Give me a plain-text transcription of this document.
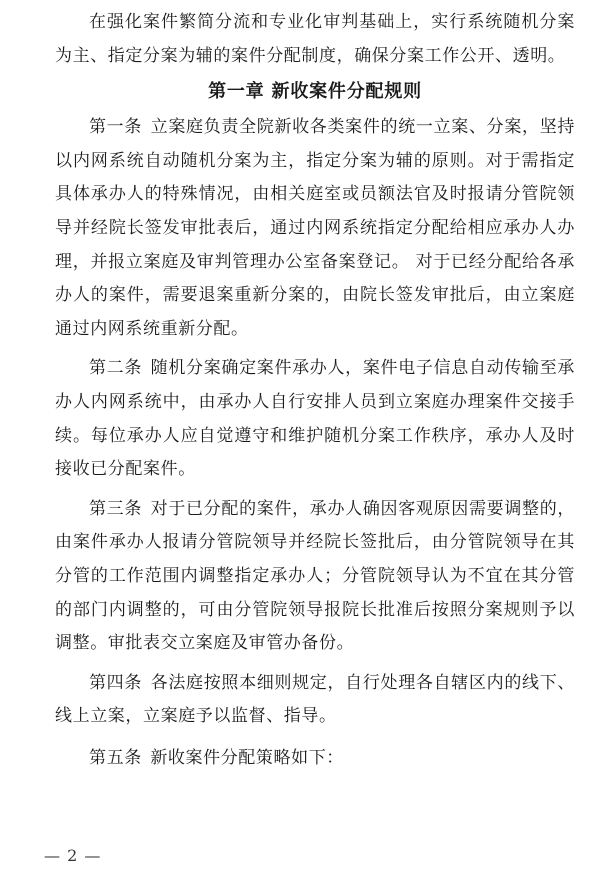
在强化案件繁简分流和专业化审判基础上，实行系统随机分案为主、指定分案为辅的案件分配制度，确保分案工作公开、透明。

第一章 新收案件分配规则

第一条 立案庭负责全院新收各类案件的统一立案、分案，坚持以内网系统自动随机分案为主，指定分案为辅的原则。对于需指定具体承办人的特殊情况，由相关庭室或员额法官及时报请分管院领导并经院长签发审批表后，通过内网系统指定分配给相应承办人办理，并报立案庭及审判管理办公室备案登记。 对于已经分配给各承办人的案件，需要退案重新分案的，由院长签发审批后，由立案庭通过内网系统重新分配。

第二条 随机分案确定案件承办人，案件电子信息自动传输至承办人内网系统中，由承办人自行安排人员到立案庭办理案件交接手续。每位承办人应自觉遵守和维护随机分案工作秩序，承办人及时接收已分配案件。

第三条 对于已分配的案件，承办人确因客观原因需要调整的，由案件承办人报请分管院领导并经院长签批后，由分管院领导在其分管的工作范围内调整指定承办人；分管院领导认为不宜在其分管的部门内调整的，可由分管院领导报院长批准后按照分案规则予以调整。审批表交立案庭及审管办备份。

第四条 各法庭按照本细则规定，自行处理各自辖区内的线下、线上立案，立案庭予以监督、指导。

第五条 新收案件分配策略如下：

— 2 —
